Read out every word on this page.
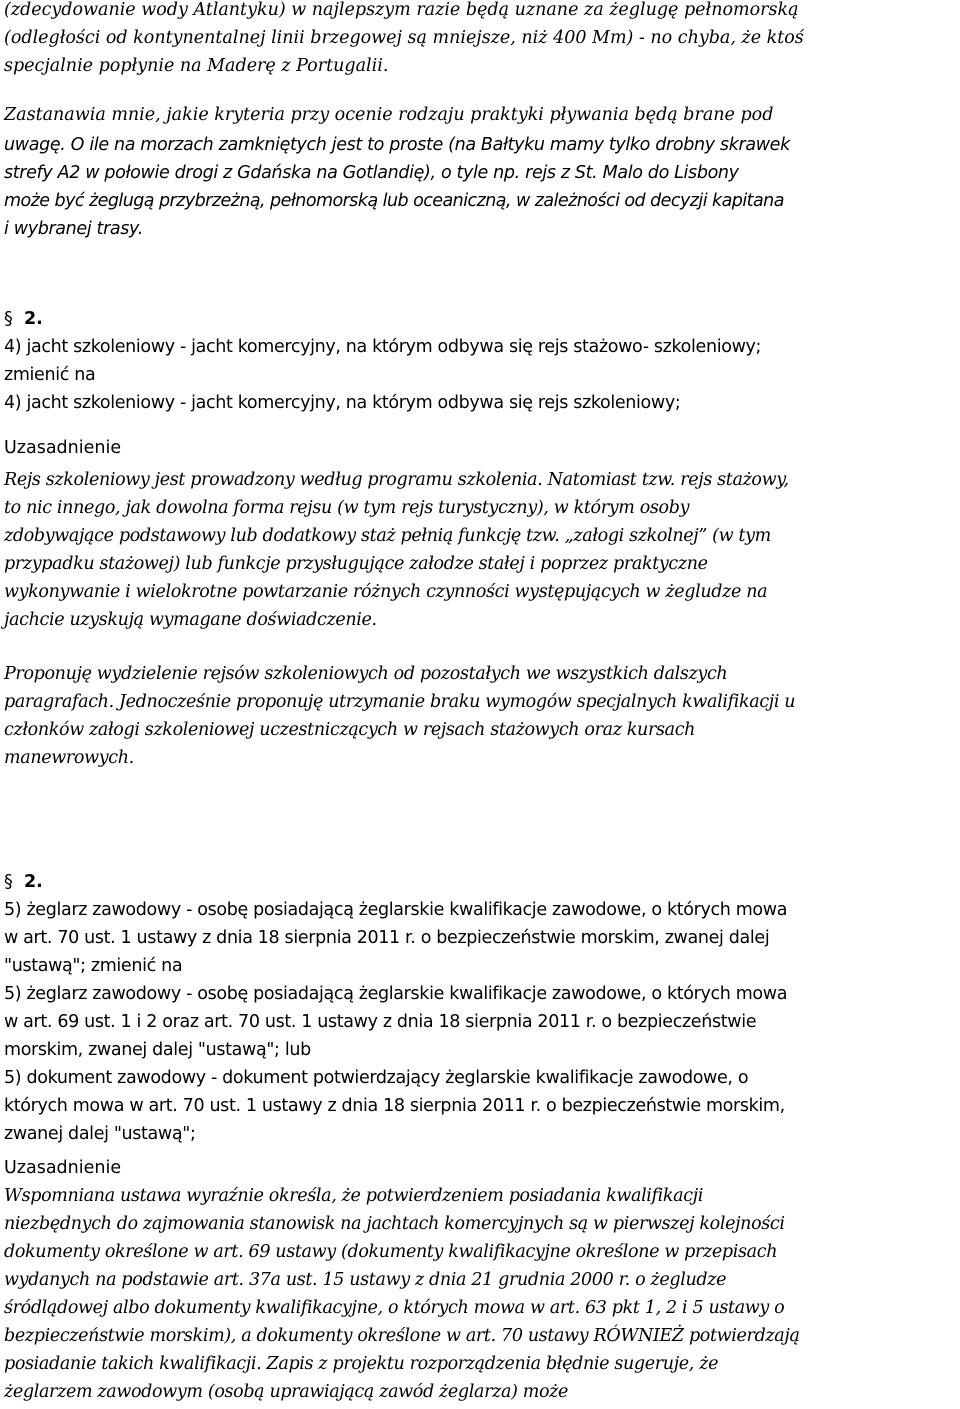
(zdecydowanie wody Atlantyku) w najlepszym razie będą uznane za żeglugę pełnomorską
(odległości od kontynentalnej linii brzegowej są mniejsze, niż 400 Mm) - no chyba, że ktoś
specjalnie popłynie na Maderę z Portugalii.
Zastanawia mnie, jakie kryteria przy ocenie rodzaju praktyki pływania będą brane pod
uwagę. O ile na morzach zamkniętych jest to proste (na Bałtyku mamy tylko drobny skrawek
strefy A2 w połowie drogi z Gdańska na Gotlandię), o tyle np. rejs z St. Malo do Lisbony
może być żeglugą przybrzeżną, pełnomorską lub oceaniczną, w zależności od decyzji kapitana
i wybranej trasy.
§ 2.
4) jacht szkoleniowy - jacht komercyjny, na którym odbywa się rejs stażowo- szkoleniowy;
zmienić na
4) jacht szkoleniowy - jacht komercyjny, na którym odbywa się rejs szkoleniowy;
Uzasadnienie
Rejs szkoleniowy jest prowadzony według programu szkolenia. Natomiast tzw. rejs stażowy,
to nic innego, jak dowolna forma rejsu (w tym rejs turystyczny), w którym osoby
zdobywające podstawowy lub dodatkowy staż pełnią funkcję tzw. „załogi szkolnej” (w tym
przypadku stażowej) lub funkcje przysługujące załodze stałej i poprzez praktyczne
wykonywanie i wielokrotne powtarzanie różnych czynności występujących w żegludze na
jachcie uzyskują wymagane doświadczenie.
Proponuję wydzielenie rejsów szkoleniowych od pozostałych we wszystkich dalszych
paragrafach. Jednocześnie proponuję utrzymanie braku wymogów specjalnych kwalifikacji u
członków załogi szkoleniowej uczestniczących w rejsach stażowych oraz kursach
manewrowych.
§ 2.
5) żeglarz zawodowy - osobę posiadającą żeglarskie kwalifikacje zawodowe, o których mowa
w art. 70 ust. 1 ustawy z dnia 18 sierpnia 2011 r. o bezpieczeństwie morskim, zwanej dalej
"ustawą"; zmienić na
5) żeglarz zawodowy - osobę posiadającą żeglarskie kwalifikacje zawodowe, o których mowa
w art. 69 ust. 1 i 2 oraz art. 70 ust. 1 ustawy z dnia 18 sierpnia 2011 r. o bezpieczeństwie
morskim, zwanej dalej "ustawą"; lub
5) dokument zawodowy - dokument potwierdzający żeglarskie kwalifikacje zawodowe, o
których mowa w art. 70 ust. 1 ustawy z dnia 18 sierpnia 2011 r. o bezpieczeństwie morskim,
zwanej dalej "ustawą";
Uzasadnienie
Wspomniana ustawa wyraźnie określa, że potwierdzeniem posiadania kwalifikacji
niezbędnych do zajmowania stanowisk na jachtach komercyjnych są w pierwszej kolejności
dokumenty określone w art. 69 ustawy (dokumenty kwalifikacyjne określone w przepisach
wydanych na podstawie art. 37a ust. 15 ustawy z dnia 21 grudnia 2000 r. o żegludze
śródlądowej albo dokumenty kwalifikacyjne, o których mowa w art. 63 pkt 1, 2 i 5 ustawy o
bezpieczeństwie morskim), a dokumenty określone w art. 70 ustawy RÓWNIEŻ potwierdzają
posiadanie takich kwalifikacji. Zapis z projektu rozporządzenia błędnie sugeruje, że
żeglarzem zawodowym (osobą uprawiającą zawód żeglarza) może
